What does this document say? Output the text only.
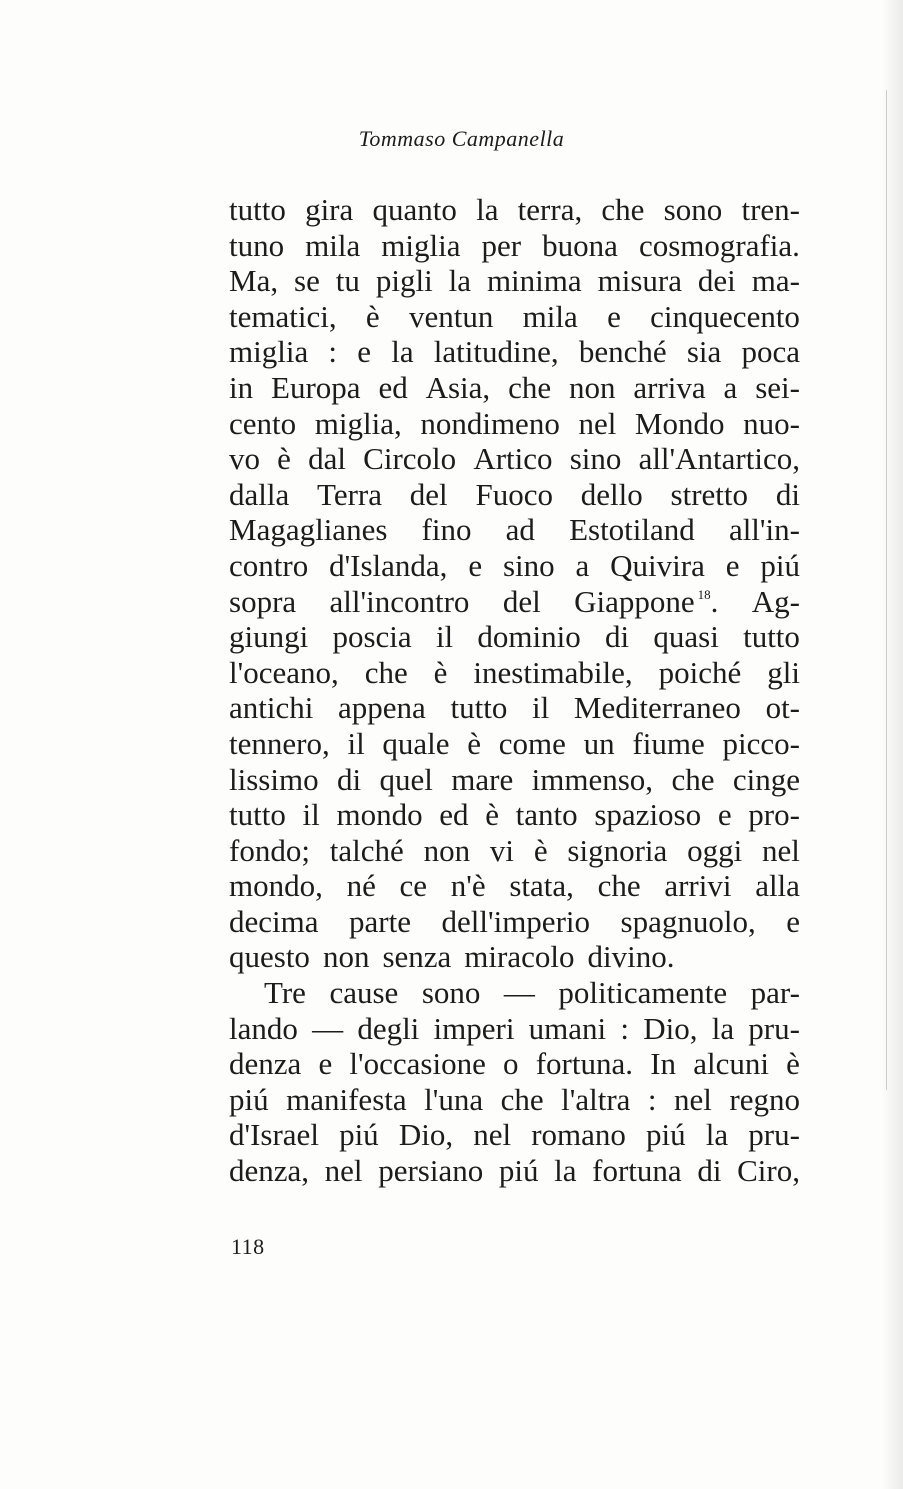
Tommaso Campanella
tutto gira quanto la terra, che sono tren-
tuno mila miglia per buona cosmografia.
Ma, se tu pigli la minima misura dei ma-
tematici, è ventun mila e cinquecento
miglia : e la latitudine, benché sia poca
in Europa ed Asia, che non arriva a sei-
cento miglia, nondimeno nel Mondo nuo-
vo è dal Circolo Artico sino all'Antartico,
dalla Terra del Fuoco dello stretto di
Magaglianes fino ad Estotiland all'in-
contro d'Islanda, e sino a Quivira e piú
sopra all'incontro del Giappone $^{18}$. Ag-
giungi poscia il dominio di quasi tutto
l'oceano, che è inestimabile, poiché gli
antichi appena tutto il Mediterraneo ot-
tennero, il quale è come un fiume picco-
lissimo di quel mare immenso, che cinge
tutto il mondo ed è tanto spazioso e pro-
fondo; talché non vi è signoria oggi nel
mondo, né ce n'è stata, che arrivi alla
decima parte dell'imperio spagnuolo, e
questo non senza miracolo divino.
Tre cause sono — politicamente par-
lando — degli imperi umani : Dio, la pru-
denza e l'occasione o fortuna. In alcuni è
piú manifesta l'una che l'altra : nel regno
d'Israel piú Dio, nel romano piú la pru-
denza, nel persiano piú la fortuna di Ciro,
118
